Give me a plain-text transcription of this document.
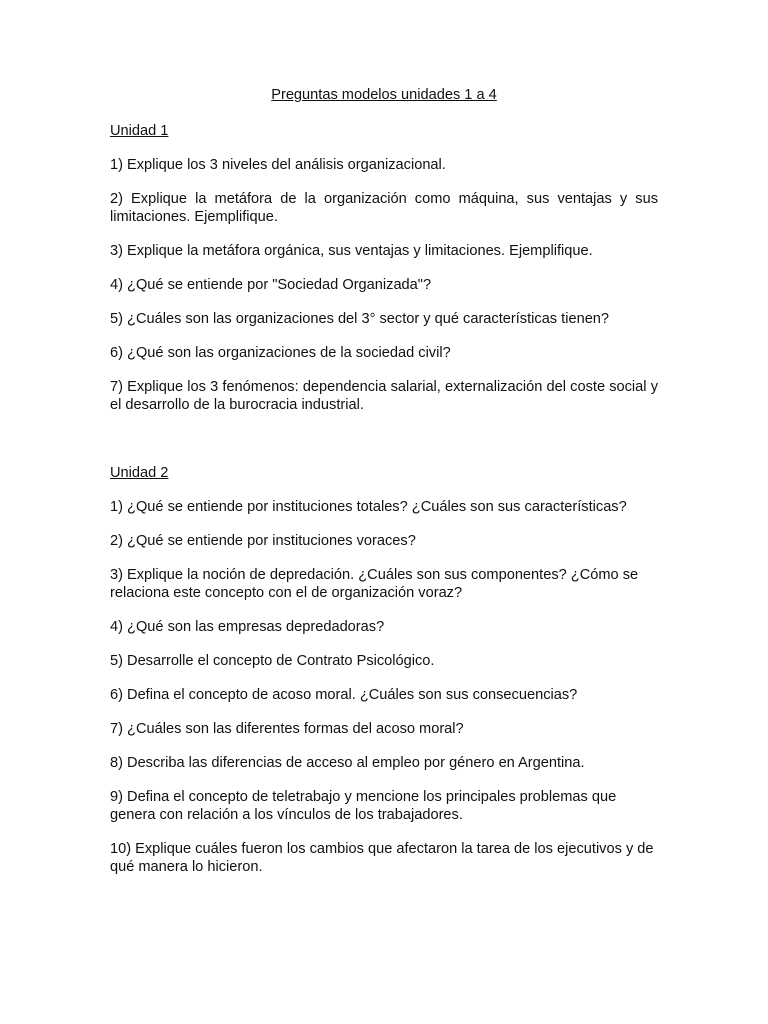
Preguntas modelos unidades 1 a 4

Unidad 1

1) Explique los 3 niveles del análisis organizacional.

2) Explique la metáfora de la organización como máquina, sus ventajas y sus limitaciones. Ejemplifique.

3) Explique la metáfora orgánica, sus ventajas y limitaciones. Ejemplifique.

4) ¿Qué se entiende por "Sociedad Organizada"?

5) ¿Cuáles son las organizaciones del 3° sector y qué características tienen?

6) ¿Qué son las organizaciones de la sociedad civil?

7) Explique los 3 fenómenos: dependencia salarial, externalización del coste social y el desarrollo de la burocracia industrial.

Unidad 2

1) ¿Qué se entiende por instituciones totales? ¿Cuáles son sus características?

2) ¿Qué se entiende por instituciones voraces?

3) Explique la noción de depredación. ¿Cuáles son sus componentes? ¿Cómo se relaciona este concepto con el de organización voraz?

4) ¿Qué son las empresas depredadoras?

5) Desarrolle el concepto de Contrato Psicológico.

6) Defina el concepto de acoso moral. ¿Cuáles son sus consecuencias?

7) ¿Cuáles son las diferentes formas del acoso moral?

8) Describa las diferencias de acceso al empleo por género en Argentina.

9) Defina el concepto de teletrabajo y mencione los principales problemas que genera con relación a los vínculos de los trabajadores.

10) Explique cuáles fueron los cambios que afectaron la tarea de los ejecutivos y de qué manera lo hicieron.
